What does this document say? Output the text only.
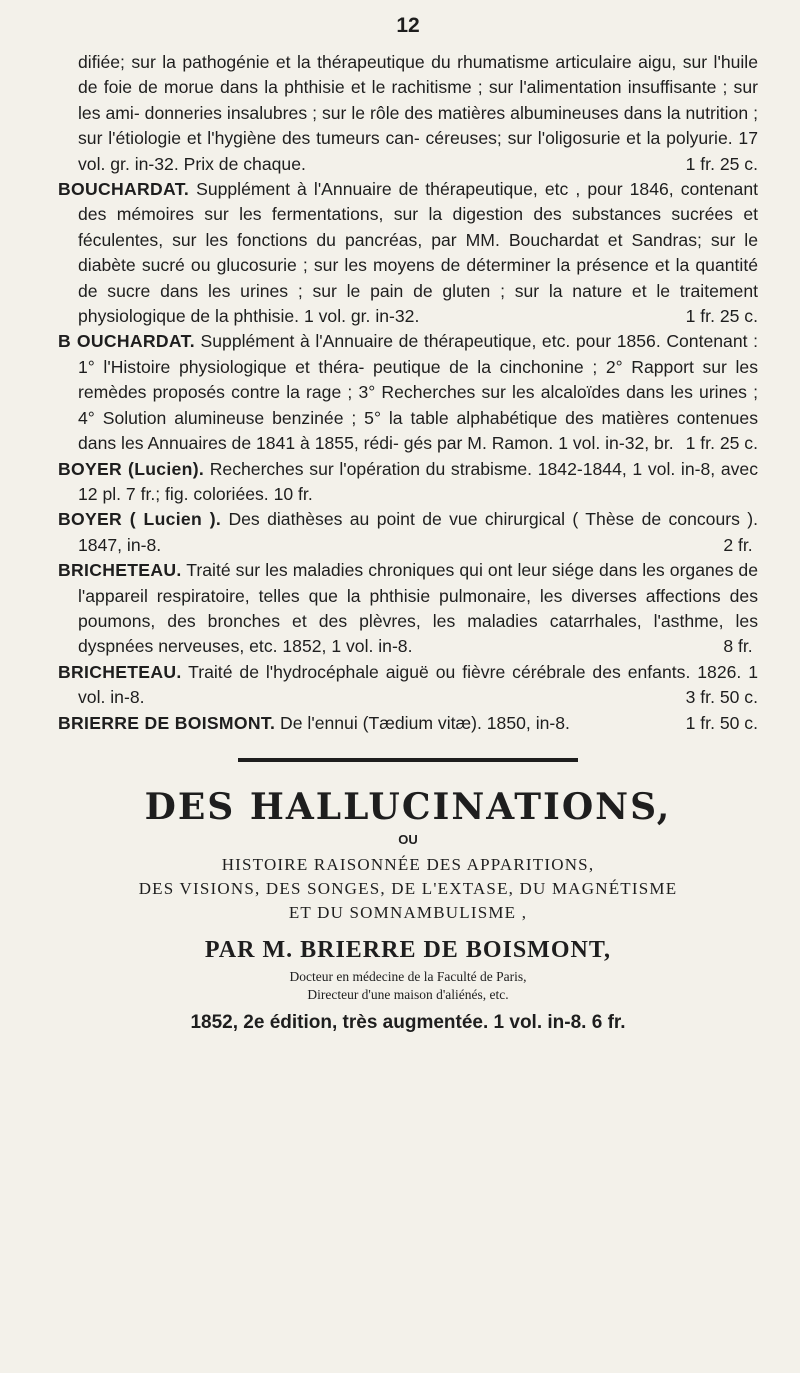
12

difiée; sur la pathogénie et la thérapeutique du rhumatisme articulaire aigu, sur l'huile de foie de morue dans la phthisie et le rachitisme ; sur l'alimentation insuffisante ; sur les ami- donneries insalubres ; sur le rôle des matières albumineuses dans la nutrition ; sur l'étiologie et l'hygiène des tumeurs can- céreuses; sur l'oligosurie et la polyurie. 17 vol. gr. in-32. Prix de chaque.	1 fr. 25 c.

BOUCHARDAT. Supplément à l'Annuaire de thérapeutique, etc , pour 1846, contenant des mémoires sur les fermentations, sur la digestion des substances sucrées et féculentes, sur les fonctions du pancréas, par MM. Bouchardat et Sandras; sur le diabète sucré ou glucosurie ; sur les moyens de déterminer la présence et la quantité de sucre dans les urines ; sur le pain de gluten ; sur la nature et le traitement physiologique de la phthisie. 1 vol. gr. in-32.	1 fr. 25 c.

B OUCHARDAT. Supplément à l'Annuaire de thérapeutique, etc. pour 1856. Contenant : 1° l'Histoire physiologique et théra- peutique de la cinchonine ; 2° Rapport sur les remèdes proposés contre la rage ; 3° Recherches sur les alcaloïdes dans les urines ; 4° Solution alumineuse benzinée ; 5° la table alphabétique des matières contenues dans les Annuaires de 1841 à 1855, rédi- gés par M. Ramon. 1 vol. in-32, br. 1 fr. 25 c.

BOYER (Lucien). Recherches sur l'opération du strabisme. 1842-1844, 1 vol. in-8, avec 12 pl. 7 fr.; fig. coloriées. 10 fr.

BOYER ( Lucien ). Des diathèses au point de vue chirurgical ( Thèse de concours ). 1847, in-8.	2 fr.

BRICHETEAU. Traité sur les maladies chroniques qui ont leur siége dans les organes de l'appareil respiratoire, telles que la phthisie pulmonaire, les diverses affections des poumons, des bronches et des plèvres, les maladies catarrhales, l'asthme, les dyspnées nerveuses, etc. 1852, 1 vol. in-8.	8 fr.

BRICHETEAU. Traité de l'hydrocéphale aiguë ou fièvre cérébrale des enfants. 1826. 1 vol. in-8.	3 fr. 50 c.

BRIERRE DE BOISMONT. De l'ennui (Tædium vitæ). 1850, in-8.	1 fr. 50 c.

DES HALLUCINATIONS,

OU

HISTOIRE RAISONNÉE DES APPARITIONS,

DES VISIONS, DES SONGES, DE L'EXTASE, DU MAGNÉTISME

ET DU SOMNAMBULISME ,

PAR M. BRIERRE DE BOISMONT,

Docteur en médecine de la Faculté de Paris,

Directeur d'une maison d'aliénés, etc.

1852, 2e édition, très augmentée. 1 vol. in-8. 6 fr.
